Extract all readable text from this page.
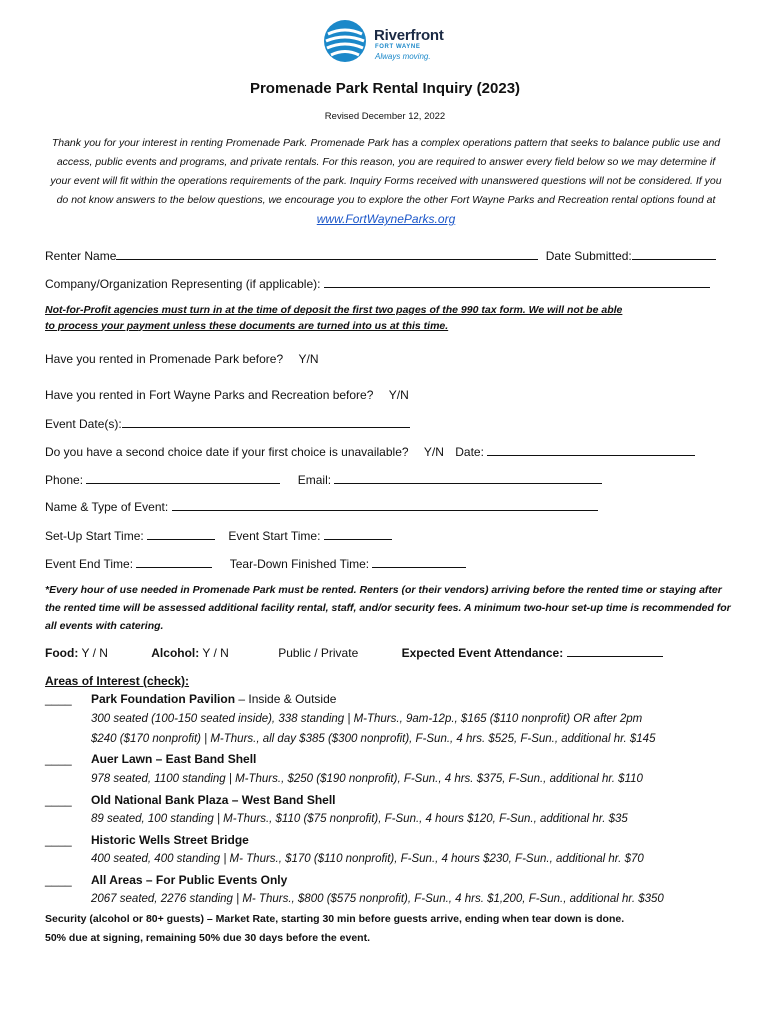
Riverfront
FORT WAYNE
Always moving.
Promenade Park Rental Inquiry (2023)
Revised December 12, 2022
Thank you for your interest in renting Promenade Park. Promenade Park has a complex operations pattern that seeks to balance public use and access, public events and programs, and private rentals. For this reason, you are required to answer every field below so we may determine if your event will fit within the operations requirements of the park. Inquiry Forms received with unanswered questions will not be considered. If you do not know answers to the below questions, we encourage you to explore the other Fort Wayne Parks and Recreation rental options found at www.FortWayneParks.org
Renter Name	Date Submitted:
Company/Organization Representing (if applicable):
Not-for-Profit agencies must turn in at the time of deposit the first two pages of the 990 tax form. We will not be able
to process your payment unless these documents are turned into us at this time.
Have you rented in Promenade Park before? Y/N
Have you rented in Fort Wayne Parks and Recreation before? Y/N
Event Date(s):
Do you have a second choice date if your first choice is unavailable? Y/N Date:
Phone:	Email:
Name & Type of Event:
Set-Up Start Time:	Event Start Time:
Event End Time:	Tear-Down Finished Time:
*Every hour of use needed in Promenade Park must be rented. Renters (or their vendors) arriving before the rented time or staying after the rented time will be assessed additional facility rental, staff, and/or security fees. A minimum two-hour set-up time is recommended for all events with catering.
Food: Y / N	Alcohol: Y / N	Public / Private	Expected Event Attendance:
Areas of Interest (check):
____ Park Foundation Pavilion – Inside & Outside
300 seated (100-150 seated inside), 338 standing | M-Thurs., 9am-12p., $165 ($110 nonprofit) OR after 2pm
$240 ($170 nonprofit) | M-Thurs., all day $385 ($300 nonprofit), F-Sun., 4 hrs. $525, F-Sun., additional hr. $145
____ Auer Lawn – East Band Shell
978 seated, 1100 standing | M-Thurs., $250 ($190 nonprofit), F-Sun., 4 hrs. $375, F-Sun., additional hr. $110
____ Old National Bank Plaza – West Band Shell
89 seated, 100 standing | M-Thurs., $110 ($75 nonprofit), F-Sun., 4 hours $120, F-Sun., additional hr. $35
____ Historic Wells Street Bridge
400 seated, 400 standing | M- Thurs., $170 ($110 nonprofit), F-Sun., 4 hours $230, F-Sun., additional hr. $70
____ All Areas – For Public Events Only
2067 seated, 2276 standing | M- Thurs., $800 ($575 nonprofit), F-Sun., 4 hrs. $1,200, F-Sun., additional hr. $350
Security (alcohol or 80+ guests) – Market Rate, starting 30 min before guests arrive, ending when tear down is done.
50% due at signing, remaining 50% due 30 days before the event.
